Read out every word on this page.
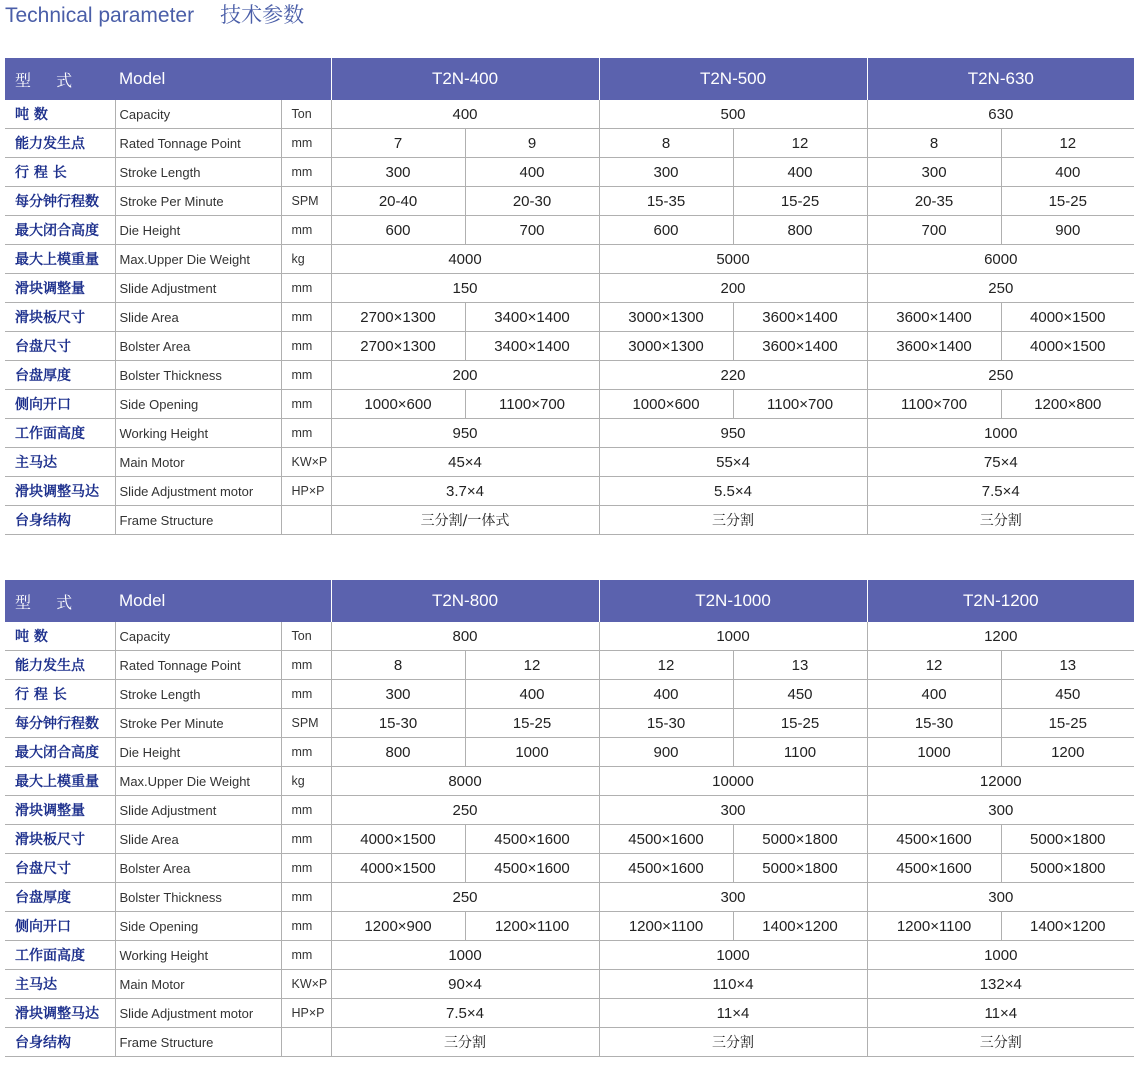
Technical parameter 技术参数
型 式	Model		T2N-400		T2N-500		T2N-630	
吨 数	Capacity	Ton	400		500		630	
能力发生点	Rated Tonnage Point	mm	7	9	8	12	8	12
行 程 长	Stroke Length	mm	300	400	300	400	300	400
每分钟行程数	Stroke Per Minute	SPM	20-40	20-30	15-35	15-25	20-35	15-25
最大闭合高度	Die Height	mm	600	700	600	800	700	900
最大上模重量	Max.Upper Die Weight	kg	4000		5000		6000	
滑块调整量	Slide Adjustment	mm	150		200		250	
滑块板尺寸	Slide Area	mm	2700×1300	3400×1400	3000×1300	3600×1400	3600×1400	4000×1500
台盘尺寸	Bolster Area	mm	2700×1300	3400×1400	3000×1300	3600×1400	3600×1400	4000×1500
台盘厚度	Bolster Thickness	mm	200		220		250	
侧向开口	Side Opening	mm	1000×600	1100×700	1000×600	1100×700	1100×700	1200×800
工作面高度	Working Height	mm	950		950		1000	
主马达	Main Motor	KW×P	45×4		55×4		75×4	
滑块调整马达	Slide Adjustment motor	HP×P	3.7×4		5.5×4		7.5×4	
台身结构	Frame Structure		三分割/一体式		三分割		三分割	
型 式	Model		T2N-800		T2N-1000		T2N-1200	
吨 数	Capacity	Ton	800		1000		1200	
能力发生点	Rated Tonnage Point	mm	8	12	12	13	12	13
行 程 长	Stroke Length	mm	300	400	400	450	400	450
每分钟行程数	Stroke Per Minute	SPM	15-30	15-25	15-30	15-25	15-30	15-25
最大闭合高度	Die Height	mm	800	1000	900	1100	1000	1200
最大上模重量	Max.Upper Die Weight	kg	8000		10000		12000	
滑块调整量	Slide Adjustment	mm	250		300		300	
滑块板尺寸	Slide Area	mm	4000×1500	4500×1600	4500×1600	5000×1800	4500×1600	5000×1800
台盘尺寸	Bolster Area	mm	4000×1500	4500×1600	4500×1600	5000×1800	4500×1600	5000×1800
台盘厚度	Bolster Thickness	mm	250		300		300	
侧向开口	Side Opening	mm	1200×900	1200×1100	1200×1100	1400×1200	1200×1100	1400×1200
工作面高度	Working Height	mm	1000		1000		1000	
主马达	Main Motor	KW×P	90×4		110×4		132×4	
滑块调整马达	Slide Adjustment motor	HP×P	7.5×4		11×4		11×4	
台身结构	Frame Structure		三分割		三分割		三分割	
